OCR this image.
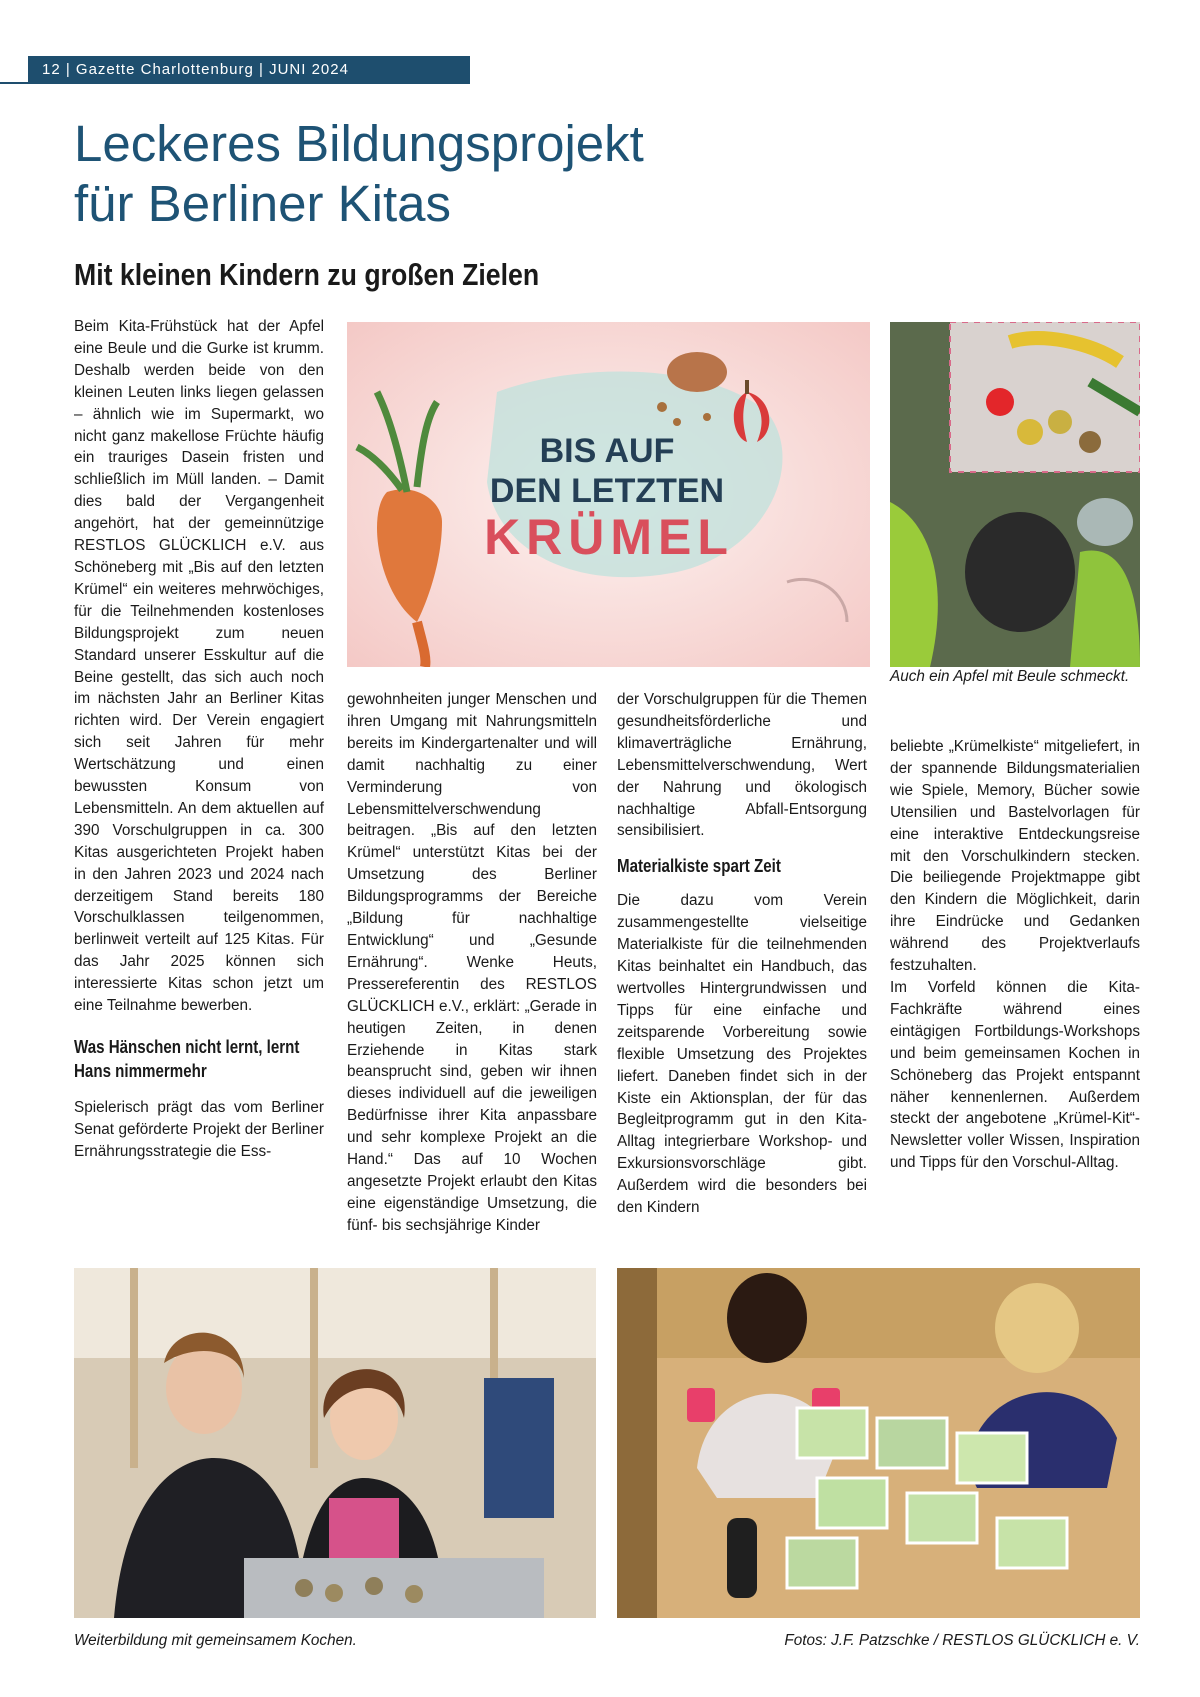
12 | Gazette Charlottenburg | JUNI 2024
Leckeres Bildungsprojekt
für Berliner Kitas
Mit kleinen Kindern zu großen Zielen

Beim Kita-Frühstück hat der Apfel eine Beule und die Gurke ist krumm. Deshalb werden beide von den kleinen Leuten links liegen gelassen – ähnlich wie im Supermarkt, wo nicht ganz makellose Früchte häufig ein trauriges Dasein fristen und schließlich im Müll landen. – Damit dies bald der Vergangenheit angehört, hat der gemeinnützige RESTLOS GLÜCKLICH e.V. aus Schöneberg mit „Bis auf den letzten Krümel“ ein weiteres mehrwöchiges, für die Teilnehmenden kostenloses Bildungsprojekt zum neuen Standard unserer Esskultur auf die Beine gestellt, das sich auch noch im nächsten Jahr an Berliner Kitas richten wird. Der Verein engagiert sich seit Jahren für mehr Wertschätzung und einen bewussten Konsum von Lebensmitteln. An dem aktuellen auf 390 Vorschulgruppen in ca. 300 Kitas ausgerichteten Projekt haben in den Jahren 2023 und 2024 nach derzeitigem Stand bereits 180 Vorschulklassen teilgenommen, berlinweit verteilt auf 125 Kitas. Für das Jahr 2025 können sich interessierte Kitas schon jetzt um eine Teilnahme bewerben.

Was Hänschen nicht lernt, lernt Hans nimmermehr

Spielerisch prägt das vom Berliner Senat geförderte Projekt der Berliner Ernährungsstrategie die Ess-

gewohnheiten junger Menschen und ihren Umgang mit Nahrungsmitteln bereits im Kindergartenalter und will damit nachhaltig zu einer Verminderung von Lebensmittelverschwendung beitragen. „Bis auf den letzten Krümel“ unterstützt Kitas bei der Umsetzung des Berliner Bildungsprogramms der Bereiche „Bildung für nachhaltige Entwicklung“ und „Gesunde Ernährung“. Wenke Heuts, Pressereferentin des RESTLOS GLÜCKLICH e.V., erklärt: „Gerade in heutigen Zeiten, in denen Erziehende in Kitas stark beansprucht sind, geben wir ihnen dieses individuell auf die jeweiligen Bedürfnisse ihrer Kita anpassbare und sehr komplexe Projekt an die Hand.“ Das auf 10 Wochen angesetzte Projekt erlaubt den Kitas eine eigenständige Umsetzung, die fünf- bis sechsjährige Kinder

der Vorschulgruppen für die Themen gesundheitsförderliche und klimaverträgliche Ernährung, Lebensmittelverschwendung, Wert der Nahrung und ökologisch nachhaltige Abfall-Entsorgung sensibilisiert.

Materialkiste spart Zeit

Die dazu vom Verein zusammengestellte vielseitige Materialkiste für die teilnehmenden Kitas beinhaltet ein Handbuch, das wertvolles Hintergrundwissen und Tipps für eine einfache und zeitsparende Vorbereitung sowie flexible Umsetzung des Projektes liefert. Daneben findet sich in der Kiste ein Aktionsplan, der für das Begleitprogramm gut in den Kita-Alltag integrierbare Workshop- und Exkursionsvorschläge gibt. Außerdem wird die besonders bei den Kindern

beliebte „Krümelkiste“ mitgeliefert, in der spannende Bildungsmaterialien wie Spiele, Memory, Bücher sowie Utensilien und Bastelvorlagen für eine interaktive Entdeckungsreise mit den Vorschulkindern stecken. Die beiliegende Projektmappe gibt den Kindern die Möglichkeit, darin ihre Eindrücke und Gedanken während des Projektverlaufs festzuhalten.

Im Vorfeld können die Kita-Fachkräfte während eines eintägigen Fortbildungs-Workshops und beim gemeinsamen Kochen in Schöneberg das Projekt entspannt näher kennenlernen. Außerdem steckt der angebotene „Krümel-Kit“-Newsletter voller Wissen, Inspiration und Tipps für den Vorschul-Alltag.

BIS AUF
DEN LETZTEN
KRÜMEL
Auch ein Apfel mit Beule schmeckt.
Weiterbildung mit gemeinsamem Kochen.	Fotos: J.F. Patzschke / RESTLOS GLÜCKLICH e. V.
